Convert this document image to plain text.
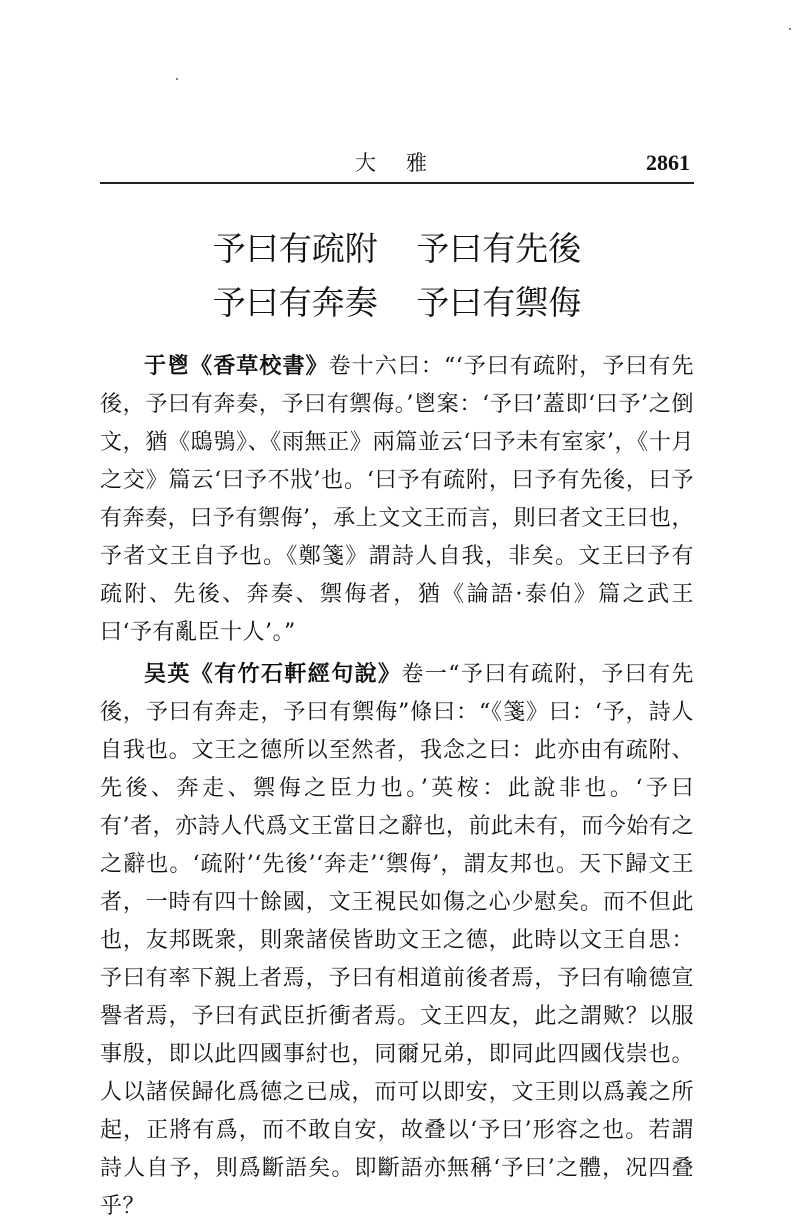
大雅	2861
予曰有疏附 予曰有先後
予曰有奔奏 予曰有禦侮

于鬯《香草校書》卷十六曰：“‘予曰有疏附，予曰有先後，予曰有奔奏，予曰有禦侮。’鬯案：‘予曰’蓋即‘曰予’之倒文，猶《鴟鴞》、《雨無正》兩篇並云‘曰予未有室家’，《十月之交》篇云‘曰予不戕’也。‘曰予有疏附，曰予有先後，曰予有奔奏，曰予有禦侮’，承上文文王而言，則曰者文王曰也，予者文王自予也。《鄭箋》謂詩人自我，非矣。文王曰予有疏附、先後、奔奏、禦侮者，猶《論語·泰伯》篇之武王曰‘予有亂臣十人’。”

吴英《有竹石軒經句說》卷一“予曰有疏附，予曰有先後，予曰有奔走，予曰有禦侮”條曰：“《箋》曰：‘予，詩人自我也。文王之德所以至然者，我念之曰：此亦由有疏附、先後、奔走、禦侮之臣力也。’英桉：此說非也。‘予曰有’者，亦詩人代爲文王當日之辭也，前此未有，而今始有之之辭也。‘疏附’‘先後’‘奔走’‘禦侮’，謂友邦也。天下歸文王者，一時有四十餘國，文王視民如傷之心少慰矣。而不但此也，友邦既衆，則衆諸侯皆助文王之德，此時以文王自思：予曰有率下親上者焉，予曰有相道前後者焉，予曰有喻德宣譽者焉，予曰有武臣折衝者焉。文王四友，此之謂歟？以服事殷，即以此四國事紂也，同爾兄弟，即同此四國伐崇也。人以諸侯歸化爲德之已成，而可以即安，文王則以爲義之所起，正將有爲，而不敢自安，故叠以‘予曰’形容之也。若謂詩人自予，則爲斷語矣。即斷語亦無稱‘予曰’之體，况四叠乎？
